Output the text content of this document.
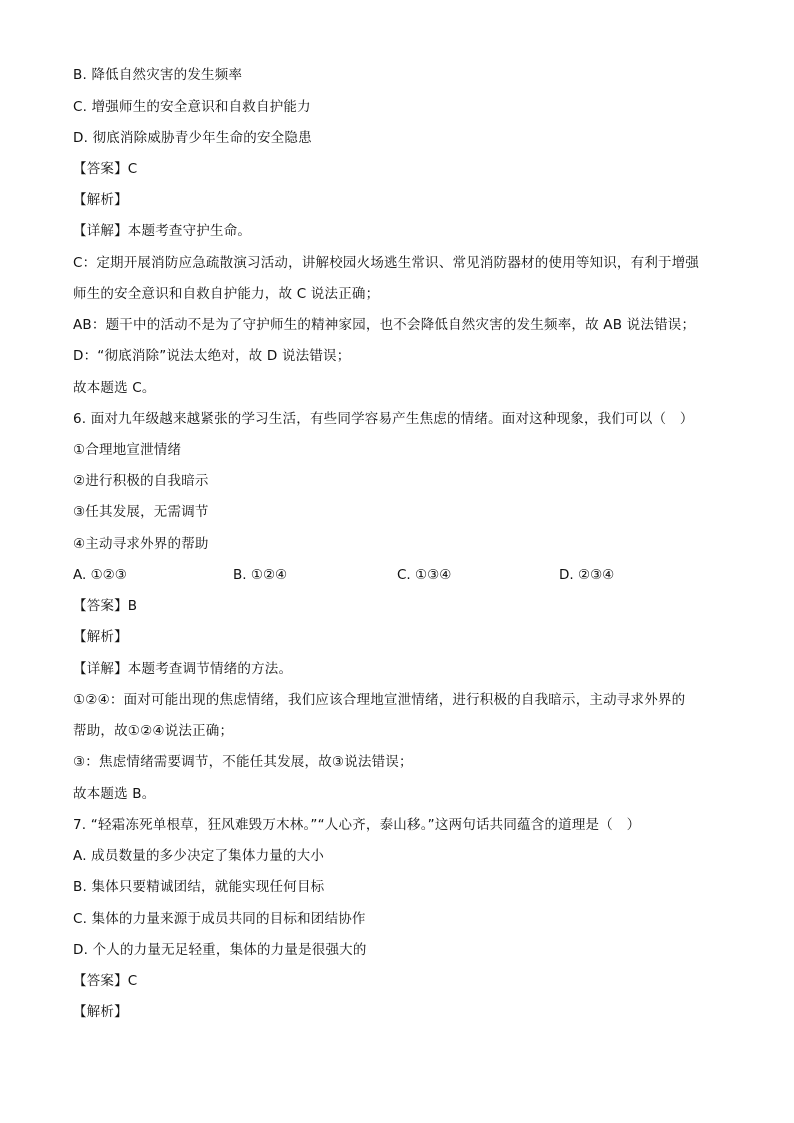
B. 降低自然灾害的发生频率
C. 增强师生的安全意识和自救自护能力
D. 彻底消除威胁青少年生命的安全隐患
【答案】C
【解析】
【详解】本题考查守护生命。
C：定期开展消防应急疏散演习活动，讲解校园火场逃生常识、常见消防器材的使用等知识，有利于增强
师生的安全意识和自救自护能力，故 C 说法正确；
AB：题干中的活动不是为了守护师生的精神家园，也不会降低自然灾害的发生频率，故 AB 说法错误；
D：“彻底消除”说法太绝对，故 D 说法错误；
故本题选 C。
6. 面对九年级越来越紧张的学习生活，有些同学容易产生焦虑的情绪。面对这种现象，我们可以（　）
①合理地宣泄情绪
②进行积极的自我暗示
③任其发展，无需调节
④主动寻求外界的帮助
A. ①②③	B. ①②④	C. ①③④	D. ②③④
【答案】B
【解析】
【详解】本题考查调节情绪的方法。
①②④：面对可能出现的焦虑情绪，我们应该合理地宣泄情绪，进行积极的自我暗示，主动寻求外界的
帮助，故①②④说法正确；
③：焦虑情绪需要调节，不能任其发展，故③说法错误；
故本题选 B。
7. “轻霜冻死单根草，狂风难毁万木林。”“人心齐，泰山移。”这两句话共同蕴含的道理是（　）
A. 成员数量的多少决定了集体力量的大小
B. 集体只要精诚团结，就能实现任何目标
C. 集体的力量来源于成员共同的目标和团结协作
D. 个人的力量无足轻重，集体的力量是很强大的
【答案】C
【解析】
